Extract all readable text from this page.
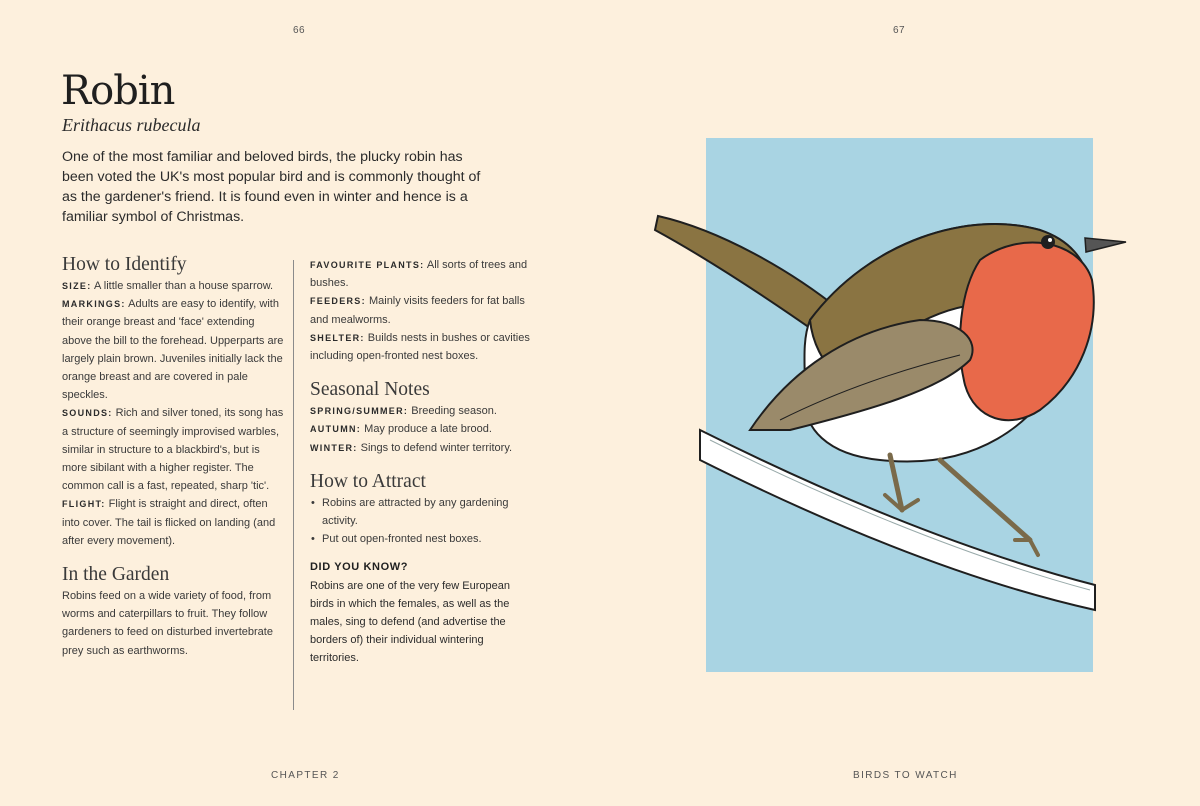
66	67
Robin
Erithacus rubecula

One of the most familiar and beloved birds, the plucky robin has been voted the UK's most popular bird and is commonly thought of as the gardener's friend. It is found even in winter and hence is a familiar symbol of Christmas.

How to Identify

SIZE: A little smaller than a house sparrow.

MARKINGS: Adults are easy to identify, with their orange breast and 'face' extending above the bill to the forehead. Upperparts are largely plain brown. Juveniles initially lack the orange breast and are covered in pale speckles.

SOUNDS: Rich and silver toned, its song has a structure of seemingly improvised warbles, similar in structure to a blackbird's, but is more sibilant with a higher register. The common call is a fast, repeated, sharp 'tic'.

FLIGHT: Flight is straight and direct, often into cover. The tail is flicked on landing (and after every movement).

In the Garden

Robins feed on a wide variety of food, from worms and caterpillars to fruit. They follow gardeners to feed on disturbed invertebrate prey such as earthworms.

FAVOURITE PLANTS: All sorts of trees and bushes.

FEEDERS: Mainly visits feeders for fat balls and mealworms.

SHELTER: Builds nests in bushes or cavities including open-fronted nest boxes.

Seasonal Notes

SPRING/SUMMER: Breeding season.

AUTUMN: May produce a late brood.

WINTER: Sings to defend winter territory.

How to Attract
• Robins are attracted by any gardening activity.
• Put out open-fronted nest boxes.
DID YOU KNOW?

Robins are one of the very few European birds in which the females, as well as the males, sing to defend (and advertise the borders of) their individual wintering territories.

CHAPTER 2	BIRDS TO WATCH
